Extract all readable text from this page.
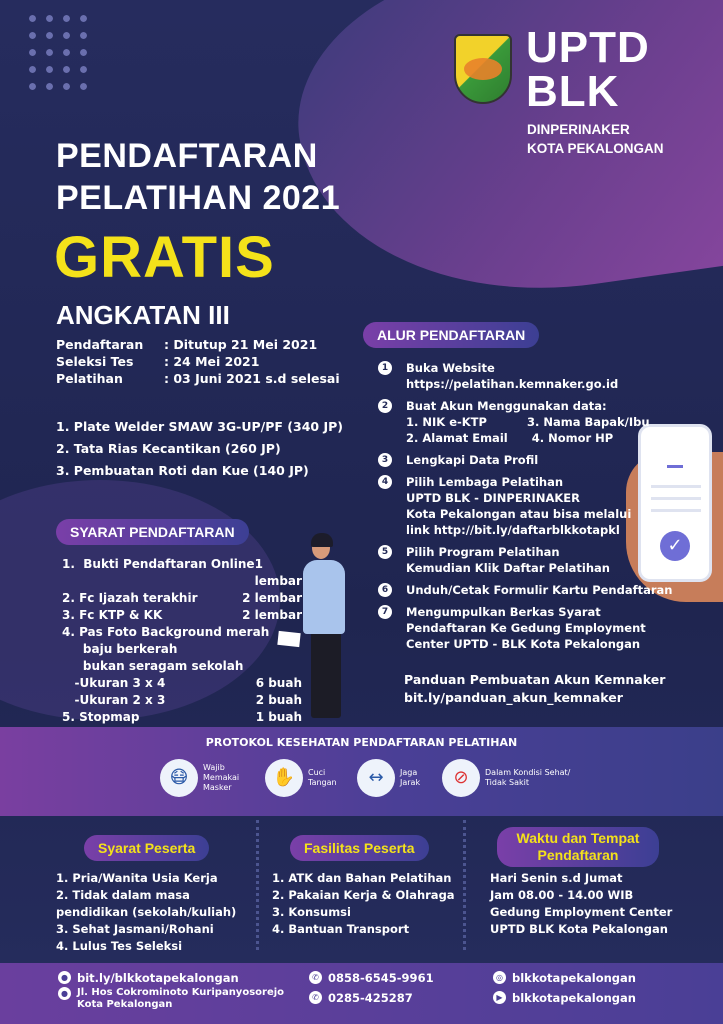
UPTD
BLK
DINPERINAKER
KOTA PEKALONGAN
PENDAFTARAN
PELATIHAN 2021
GRATIS
ANGKATAN III
Pendaftaran	: Ditutup 21 Mei 2021
Seleksi Tes	: 24 Mei 2021
Pelatihan	: 03 Juni 2021 s.d selesai
1. Plate Welder SMAW 3G-UP/PF (340 JP)
2. Tata Rias Kecantikan (260 JP)
3. Pembuatan Roti dan Kue (140 JP)
SYARAT PENDAFTARAN
1.  Bukti Pendaftaran Online 1 lembar
2. Fc Ijazah terakhir	2 lembar
3. Fc KTP & KK	2 lembar
4. Pas Foto Background merah
baju berkerah
bukan seragam sekolah
-Ukuran 3 x 4	6 buah
-Ukuran 2 x 3	2 buah
5. Stopmap	1 buah
✓
ALUR PENDAFTARAN
1	Buka Website
https://pelatihan.kemnaker.go.id
2	Buat Akun Menggunakan data:
1. NIK e-KTP          3. Nama Bapak/Ibu
2. Alamat Email      4. Nomor HP
3	Lengkapi Data Profil
4	Pilih Lembaga Pelatihan
UPTD BLK - DINPERINAKER
Kota Pekalongan atau bisa melalui
link http://bit.ly/daftarblkkotapkl
5	Pilih Program Pelatihan
Kemudian Klik Daftar Pelatihan
6	Unduh/Cetak Formulir Kartu Pendaftaran
7	Mengumpulkan Berkas Syarat
Pendaftaran Ke Gedung Employment
Center UPTD - BLK Kota Pekalongan
Panduan Pembuatan Akun Kemnaker
bit.ly/panduan_akun_kemnaker
PROTOKOL KESEHATAN PENDAFTARAN PELATIHAN
😷	Wajib
Memakai
Masker	✋	Cuci
Tangan	↔	Jaga
Jarak	⊘	Dalam Kondisi Sehat/
Tidak Sakit
Syarat Peserta
1. Pria/Wanita Usia Kerja
2. Tidak dalam masa
pendidikan (sekolah/kuliah)
3. Sehat Jasmani/Rohani
4. Lulus Tes Seleksi
Fasilitas Peserta
1. ATK dan Bahan Pelatihan
2. Pakaian Kerja & Olahraga
3. Konsumsi
4. Bantuan Transport
Waktu dan Tempat
Pendaftaran
Hari Senin s.d Jumat
Jam 08.00 - 14.00 WIB
Gedung Employment Center
UPTD BLK Kota Pekalongan
● bit.ly/blkkotapekalongan
● Jl. Hos Cokrominoto Kuripanyosorejo
Kota Pekalongan
✆ 0858-6545-9961
✆ 0285-425287
◎ blkkotapekalongan
▶ blkkotapekalongan
